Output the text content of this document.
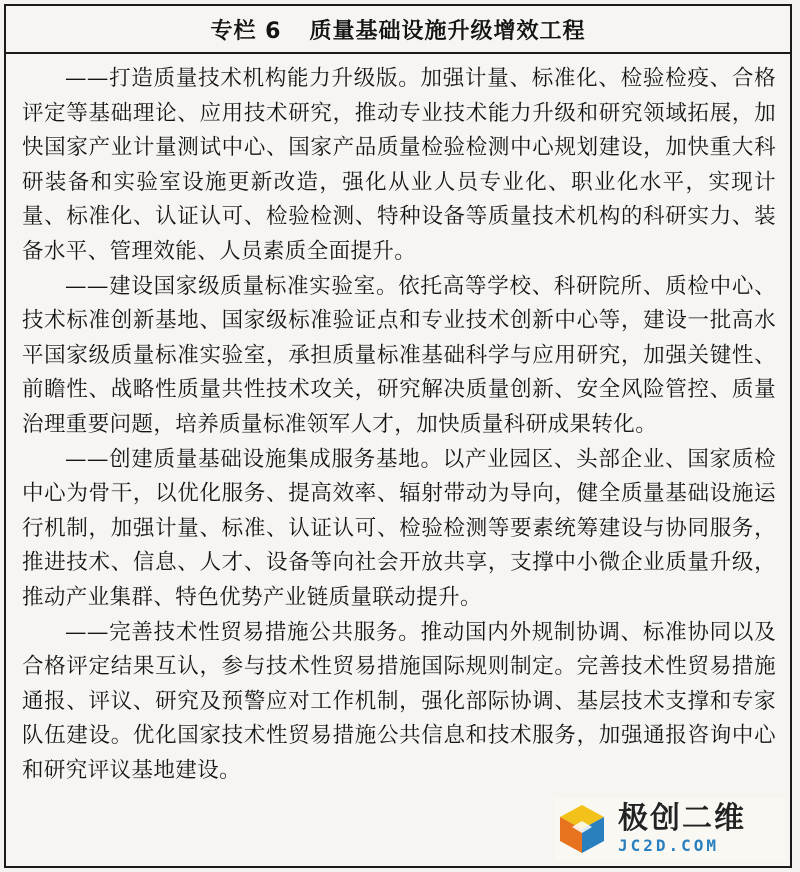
专栏 6 质量基础设施升级增效工程

——打造质量技术机构能力升级版。加强计量、标准化、检验检疫、合格评定等基础理论、应用技术研究，推动专业技术能力升级和研究领域拓展，加快国家产业计量测试中心、国家产品质量检验检测中心规划建设，加快重大科研装备和实验室设施更新改造，强化从业人员专业化、职业化水平，实现计量、标准化、认证认可、检验检测、特种设备等质量技术机构的科研实力、装备水平、管理效能、人员素质全面提升。

——建设国家级质量标准实验室。依托高等学校、科研院所、质检中心、技术标准创新基地、国家级标准验证点和专业技术创新中心等，建设一批高水平国家级质量标准实验室，承担质量标准基础科学与应用研究，加强关键性、前瞻性、战略性质量共性技术攻关，研究解决质量创新、安全风险管控、质量治理重要问题，培养质量标准领军人才，加快质量科研成果转化。

——创建质量基础设施集成服务基地。以产业园区、头部企业、国家质检中心为骨干，以优化服务、提高效率、辐射带动为导向，健全质量基础设施运行机制，加强计量、标准、认证认可、检验检测等要素统筹建设与协同服务，推进技术、信息、人才、设备等向社会开放共享，支撑中小微企业质量升级，推动产业集群、特色优势产业链质量联动提升。

——完善技术性贸易措施公共服务。推动国内外规制协调、标准协同以及合格评定结果互认，参与技术性贸易措施国际规则制定。完善技术性贸易措施通报、评议、研究及预警应对工作机制，强化部际协调、基层技术支撑和专家队伍建设。优化国家技术性贸易措施公共信息和技术服务，加强通报咨询中心和研究评议基地建设。

极创二维
JC2D.COM
